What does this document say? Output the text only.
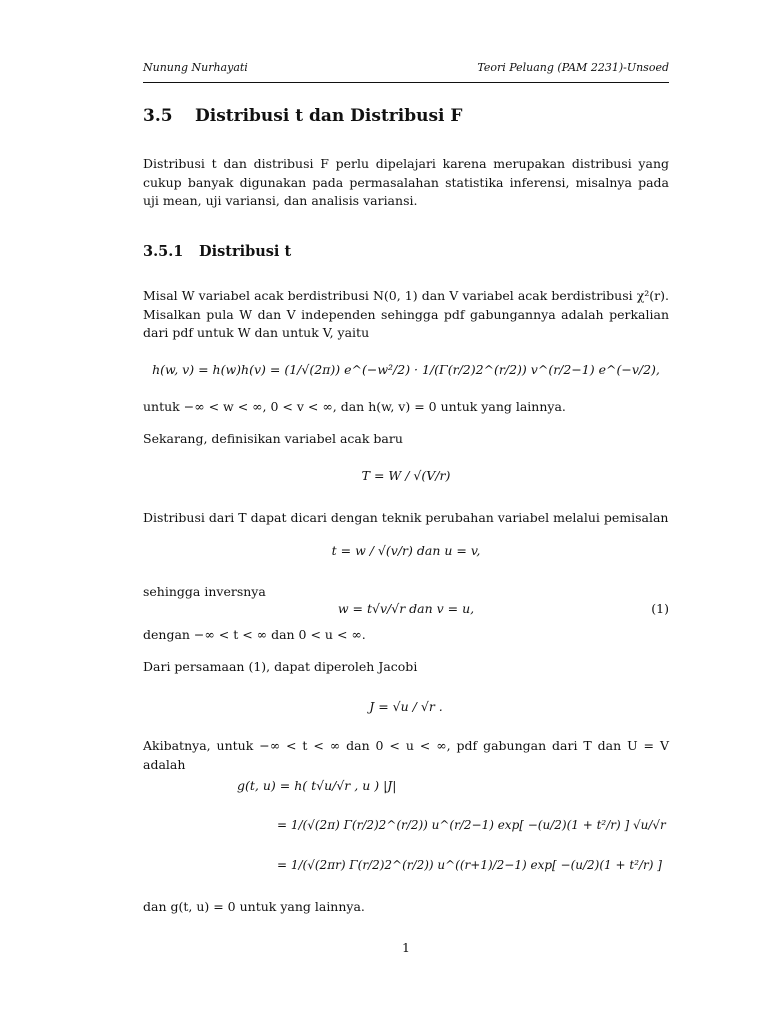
Nunung Nurhayati	Teori Peluang (PAM 2231)-Unsoed
3.5 Distribusi t dan Distribusi F

Distribusi t dan distribusi F perlu dipelajari karena merupakan distribusi yang cukup banyak digunakan pada permasalahan statistika inferensi, misalnya pada uji mean, uji variansi, dan analisis variansi.

3.5.1 Distribusi t

Misal W variabel acak berdistribusi N(0, 1) dan V variabel acak berdistribusi χ²(r). Misalkan pula W dan V independen sehingga pdf gabungannya adalah perkalian dari pdf untuk W dan untuk V, yaitu

h(w, v) = h(w)h(v) = (1/√(2π)) e^(−w²/2) · 1/(Γ(r/2)2^(r/2)) v^(r/2−1) e^(−v/2),

untuk −∞ < w < ∞, 0 < v < ∞, dan h(w, v) = 0 untuk yang lainnya.

Sekarang, definisikan variabel acak baru

T = W / √(V/r)

Distribusi dari T dapat dicari dengan teknik perubahan variabel melalui pemisalan

t = w / √(v/r) dan u = v,

sehingga inversnya

w = t√v/√r dan v = u,	(1)

dengan −∞ < t < ∞ dan 0 < u < ∞.

Dari persamaan (1), dapat diperoleh Jacobi

J = √u / √r .

Akibatnya, untuk −∞ < t < ∞ dan 0 < u < ∞, pdf gabungan dari T dan U = V adalah

g(t, u) = h( t√u/√r , u ) |J|
= 1/(√(2π) Γ(r/2)2^(r/2)) u^(r/2−1) exp[ −(u/2)(1 + t²/r) ] √u/√r
= 1/(√(2πr) Γ(r/2)2^(r/2)) u^((r+1)/2−1) exp[ −(u/2)(1 + t²/r) ]

dan g(t, u) = 0 untuk yang lainnya.

1
